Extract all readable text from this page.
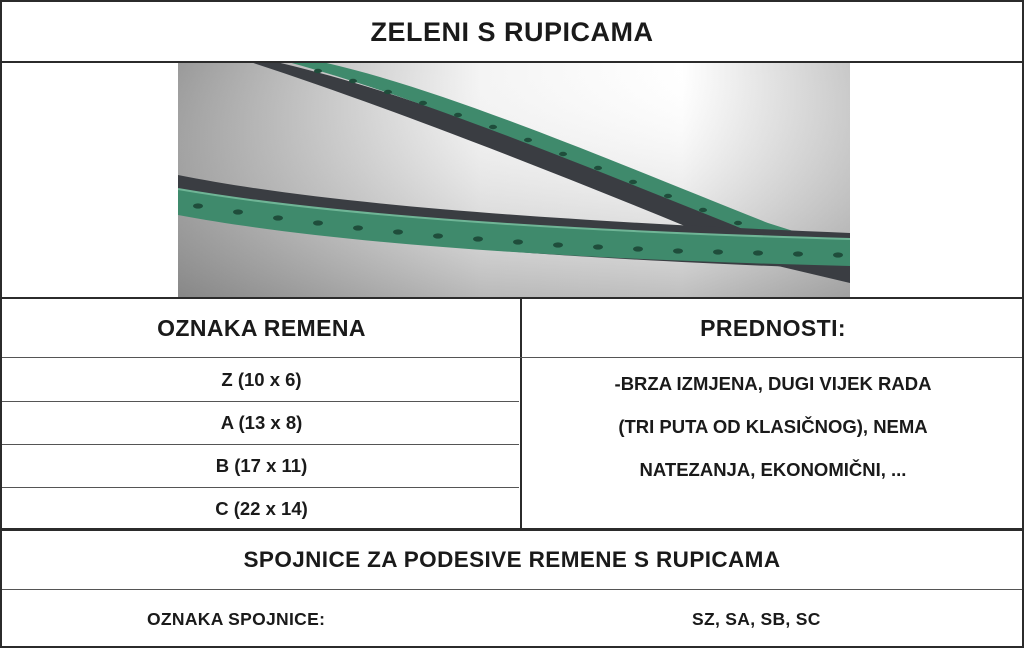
ZELENI S RUPICAMA
OZNAKA REMENA	PREDNOSTI:
Z (10 x 6)
A (13 x 8)
B (17 x 11)
C (22 x 14)
-BRZA IZMJENA, DUGI VIJEK RADA
(TRI PUTA OD KLASIČNOG), NEMA
NATEZANJA, EKONOMIČNI, ...
SPOJNICE ZA PODESIVE REMENE S RUPICAMA
OZNAKA SPOJNICE:	SZ, SA, SB, SC
